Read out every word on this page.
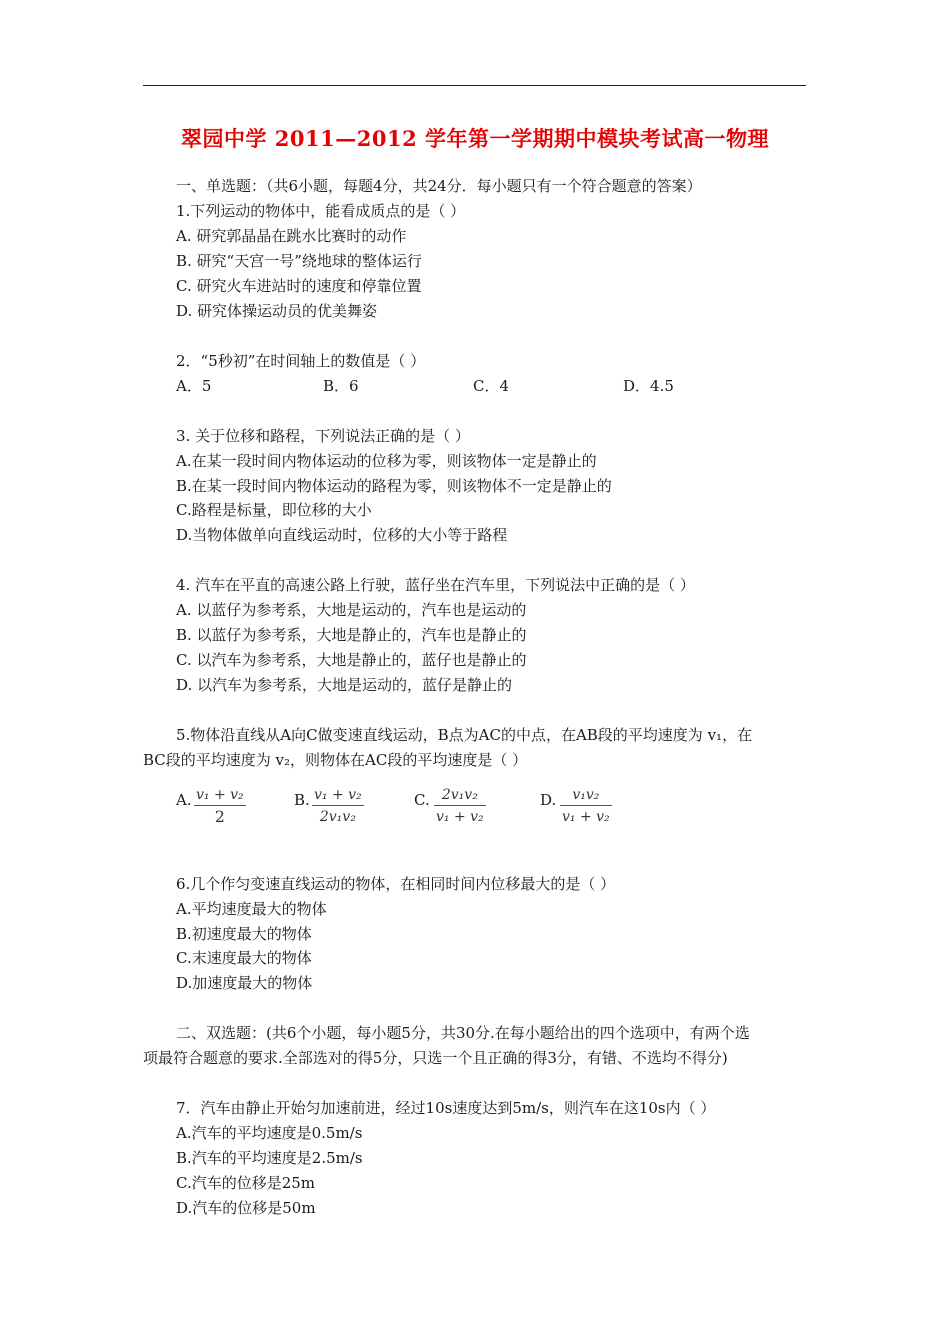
翠园中学 2011—2012 学年第一学期期中模块考试高一物理
一、单选题：（共6小题，每题4分，共24分．每小题只有一个符合题意的答案）
1.下列运动的物体中，能看成质点的是（ ）
A. 研究郭晶晶在跳水比赛时的动作
B. 研究“天宫一号”绕地球的整体运行
C. 研究火车进站时的速度和停靠位置
D. 研究体操运动员的优美舞姿
2．“5秒初”在时间轴上的数值是（ ）
A．5	B．6	C．4	D．4.5
3. 关于位移和路程，下列说法正确的是（ ）
A.在某一段时间内物体运动的位移为零，则该物体一定是静止的
B.在某一段时间内物体运动的路程为零，则该物体不一定是静止的
C.路程是标量，即位移的大小
D.当物体做单向直线运动时，位移的大小等于路程
4. 汽车在平直的高速公路上行驶，蓝仔坐在汽车里，下列说法中正确的是（ ）
A. 以蓝仔为参考系，大地是运动的，汽车也是运动的
B. 以蓝仔为参考系，大地是静止的，汽车也是静止的
C. 以汽车为参考系，大地是静止的，蓝仔也是静止的
D. 以汽车为参考系，大地是运动的，蓝仔是静止的
5.物体沿直线从A向C做变速直线运动，B点为AC的中点，在AB段的平均速度为 v₁，在
BC段的平均速度为 v₂，则物体在AC段的平均速度是（ ）
A. v₁ + v₂
2
B. v₁ + v₂
2v₁v₂
C. 2v₁v₂
v₁ + v₂
D. v₁v₂
v₁ + v₂
6.几个作匀变速直线运动的物体，在相同时间内位移最大的是（ ）
A.平均速度最大的物体
B.初速度最大的物体
C.末速度最大的物体
D.加速度最大的物体
二、双选题：(共6个小题，每小题5分，共30分.在每小题给出的四个选项中，有两个选
项最符合题意的要求.全部选对的得5分，只选一个且正确的得3分，有错、不选均不得分)
7．汽车由静止开始匀加速前进，经过10s速度达到5m/s，则汽车在这10s内（ ）
A.汽车的平均速度是0.5m/s
B.汽车的平均速度是2.5m/s
C.汽车的位移是25m
D.汽车的位移是50m
